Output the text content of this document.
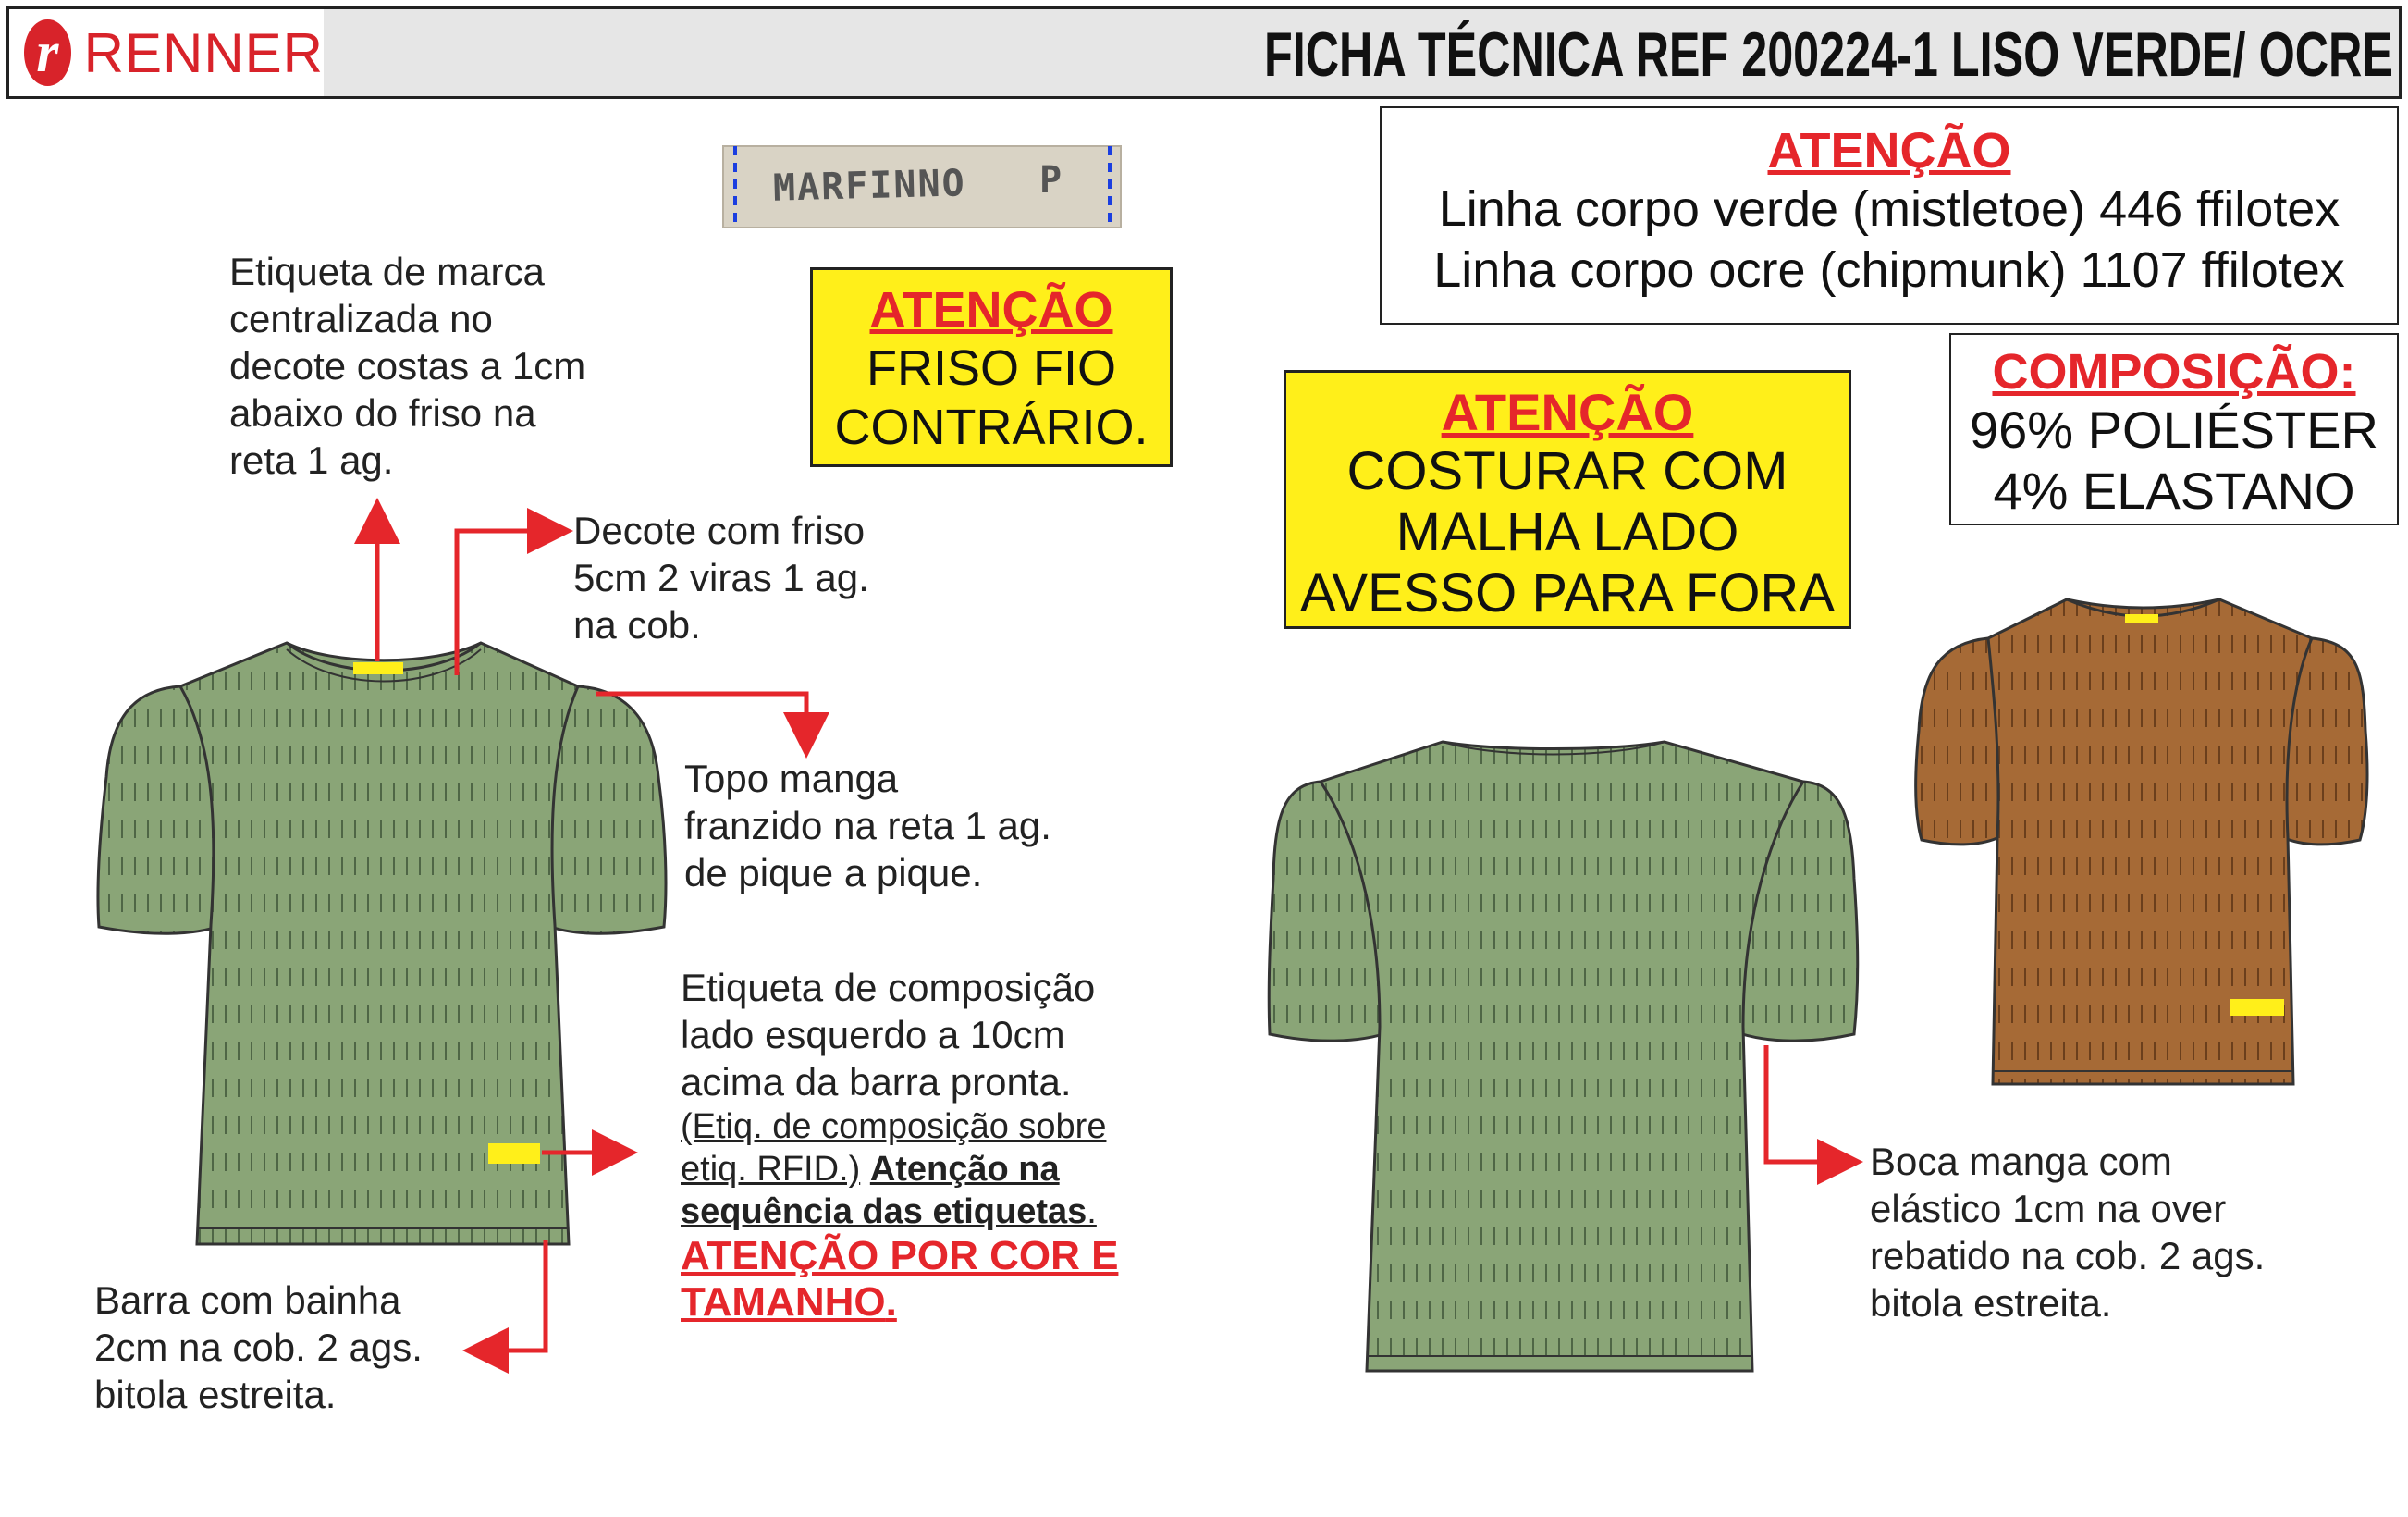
r RENNER	FICHA TÉCNICA REF 200224-1 LISO VERDE/ OCRE
MARFINNO P
ATENÇÃO
Linha corpo verde (mistletoe) 446 ffilotex
Linha corpo ocre (chipmunk) 1107 ffilotex
ATENÇÃO
FRISO FIO
CONTRÁRIO.	ATENÇÃO
COSTURAR COM
MALHA LADO
AVESSO PARA FORA
COMPOSIÇÃO:
96% POLIÉSTER
4% ELASTANO
Etiqueta de marca
centralizada no
decote costas a 1cm
abaixo do friso na
reta 1 ag.
Decote com friso
5cm 2 viras 1 ag.
na cob.
Topo manga
franzido na reta 1 ag.
de pique a pique.
Etiqueta de composição
lado esquerdo a 10cm
acima da barra pronta.
(Etiq. de composição sobre
etiq. RFID.) Atenção na
sequência das etiquetas.
ATENÇÃO POR COR E
TAMANHO.
Barra com bainha
2cm na cob. 2 ags.
bitola estreita.
Boca manga com
elástico 1cm na over
rebatido na cob. 2 ags.
bitola estreita.
